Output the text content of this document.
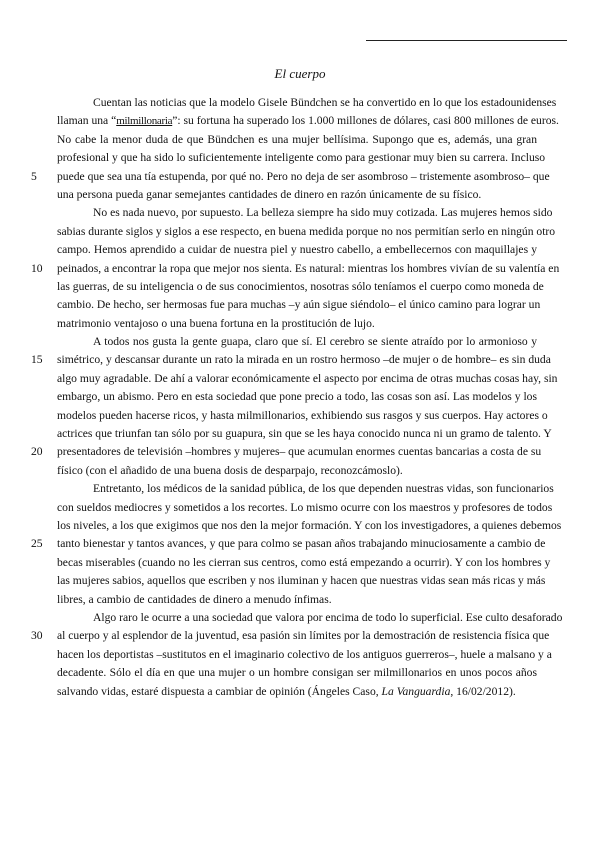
El cuerpo
Cuentan las noticias que la modelo Gisele Bündchen se ha convertido en lo que los estadounidenses
llaman una “milmillonaria”: su fortuna ha superado los 1.000 millones de dólares, casi 800 millones de euros.
No cabe la menor duda de que Bündchen es una mujer bellísima. Supongo que es, además, una gran
profesional y que ha sido lo suficientemente inteligente como para gestionar muy bien su carrera. Incluso
5 puede que sea una tía estupenda, por qué no. Pero no deja de ser asombroso – tristemente asombroso– que
una persona pueda ganar semejantes cantidades de dinero en razón únicamente de su físico.
No es nada nuevo, por supuesto. La belleza siempre ha sido muy cotizada. Las mujeres hemos sido
sabias durante siglos y siglos a ese respecto, en buena medida porque no nos permitían serlo en ningún otro
campo. Hemos aprendido a cuidar de nuestra piel y nuestro cabello, a embellecernos con maquillajes y
10 peinados, a encontrar la ropa que mejor nos sienta. Es natural: mientras los hombres vivían de su valentía en
las guerras, de su inteligencia o de sus conocimientos, nosotras sólo teníamos el cuerpo como moneda de
cambio. De hecho, ser hermosas fue para muchas –y aún sigue siéndolo– el único camino para lograr un
matrimonio ventajoso o una buena fortuna en la prostitución de lujo.
A todos nos gusta la gente guapa, claro que sí. El cerebro se siente atraído por lo armonioso y
15 simétrico, y descansar durante un rato la mirada en un rostro hermoso –de mujer o de hombre– es sin duda
algo muy agradable. De ahí a valorar económicamente el aspecto por encima de otras muchas cosas hay, sin
embargo, un abismo. Pero en esta sociedad que pone precio a todo, las cosas son así. Las modelos y los
modelos pueden hacerse ricos, y hasta milmillonarios, exhibiendo sus rasgos y sus cuerpos. Hay actores o
actrices que triunfan tan sólo por su guapura, sin que se les haya conocido nunca ni un gramo de talento. Y
20 presentadores de televisión –hombres y mujeres– que acumulan enormes cuentas bancarias a costa de su
físico (con el añadido de una buena dosis de desparpajo, reconozcámoslo).
Entretanto, los médicos de la sanidad pública, de los que dependen nuestras vidas, son funcionarios
con sueldos mediocres y sometidos a los recortes. Lo mismo ocurre con los maestros y profesores de todos
los niveles, a los que exigimos que nos den la mejor formación. Y con los investigadores, a quienes debemos
25 tanto bienestar y tantos avances, y que para colmo se pasan años trabajando minuciosamente a cambio de
becas miserables (cuando no les cierran sus centros, como está empezando a ocurrir). Y con los hombres y
las mujeres sabios, aquellos que escriben y nos iluminan y hacen que nuestras vidas sean más ricas y más
libres, a cambio de cantidades de dinero a menudo ínfimas.
Algo raro le ocurre a una sociedad que valora por encima de todo lo superficial. Ese culto desaforado
30 al cuerpo y al esplendor de la juventud, esa pasión sin límites por la demostración de resistencia física que
hacen los deportistas –sustitutos en el imaginario colectivo de los antiguos guerreros–, huele a malsano y a
decadente. Sólo el día en que una mujer o un hombre consigan ser milmillonarios en unos pocos años
salvando vidas, estaré dispuesta a cambiar de opinión (Ángeles Caso, La Vanguardia, 16/02/2012).
